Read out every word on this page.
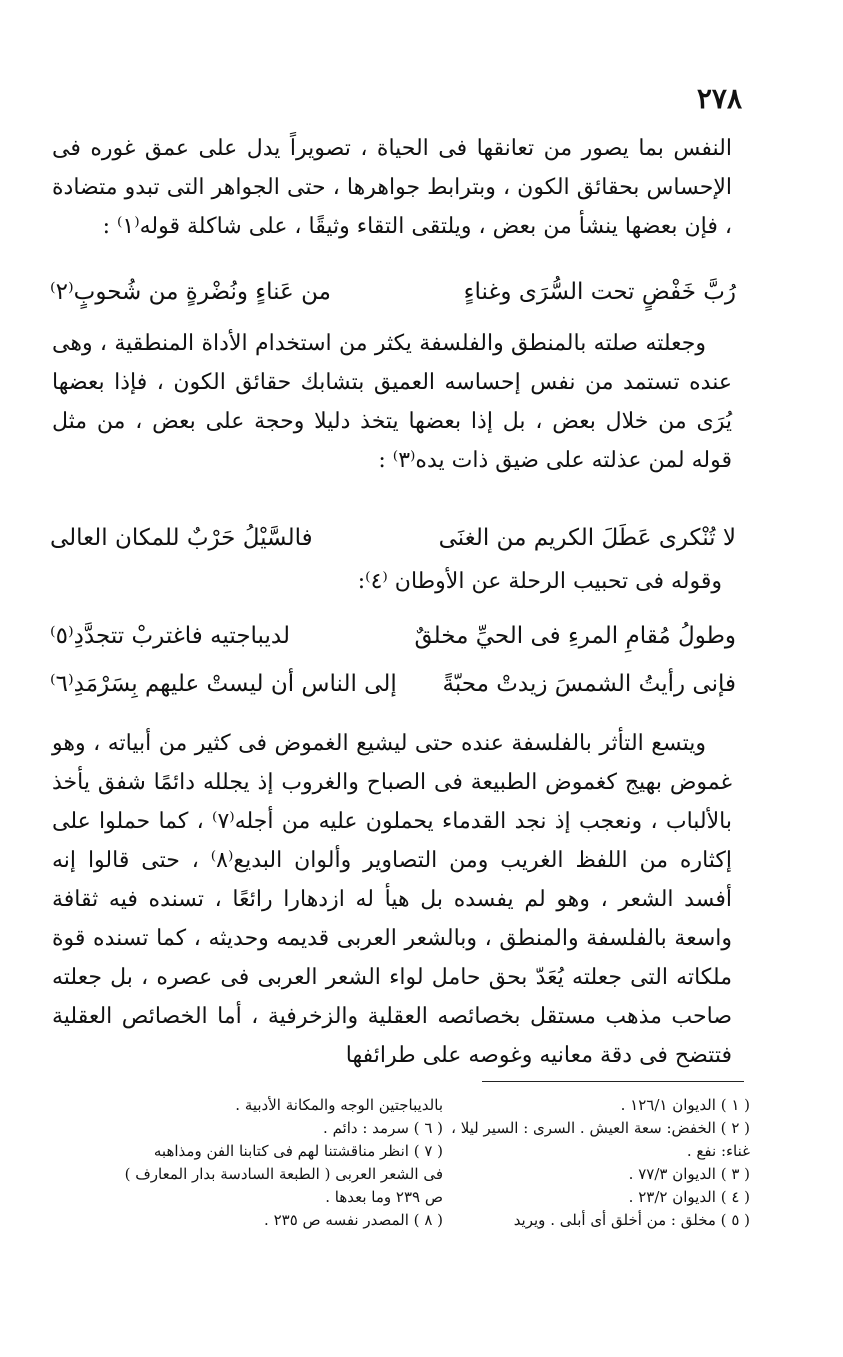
٢٧٨

النفس بما يصور من تعانقها فى الحياة ، تصويراً يدل على عمق غوره فى الإحساس بحقائق الكون ، وبترابط جواهرها ، حتى الجواهر التى تبدو متضادة ، فإن بعضها ينشأ من بعض ، ويلتقى التقاء وثيقًا ، على شاكلة قوله⁽١⁾ :

رُبَّ خَفْضٍ تحت السُّرَى وغناءٍ
من عَناءٍ ونُضْرةٍ من شُحوبٍ⁽٢⁾

وجعلته صلته بالمنطق والفلسفة يكثر من استخدام الأداة المنطقية ، وهى عنده تستمد من نفس إحساسه العميق بتشابك حقائق الكون ، فإذا بعضها يُرَى من خلال بعض ، بل إذا بعضها يتخذ دليلا وحجة على بعض ، من مثل قوله لمن عذلته على ضيق ذات يده⁽٣⁾ :

لا تُنْكرى عَطَلَ الكريم من الغنَى
فالسَّيْلُ حَرْبٌ للمكان العالى
وقوله فى تحبيب الرحلة عن الأوطان ⁽٤⁾:
وطولُ مُقامِ المرءِ فى الحيِّ مخلقٌ
لديباجتيه فاغتربْ تتجدَّدِ⁽٥⁾
فإنى رأيتُ الشمسَ زيدتْ محبّةً
إلى الناس أن ليستْ عليهم بِسَرْمَدِ⁽٦⁾

ويتسع التأثر بالفلسفة عنده حتى ليشيع الغموض فى كثير من أبياته ، وهو غموض بهيج كغموض الطبيعة فى الصباح والغروب إذ يجلله دائمًا شفق يأخذ بالألباب ، ونعجب إذ نجد القدماء يحملون عليه من أجله⁽٧⁾ ، كما حملوا على إكثاره من اللفظ الغريب ومن التصاوير وألوان البديع⁽٨⁾ ، حتى قالوا إنه أفسد الشعر ، وهو لم يفسده بل هيأ له ازدهارا رائعًا ، تسنده فيه ثقافة واسعة بالفلسفة والمنطق ، وبالشعر العربى قديمه وحديثه ، كما تسنده قوة ملكاته التى جعلته يُعَدّ بحق حامل لواء الشعر العربى فى عصره ، بل جعلته صاحب مذهب مستقل بخصائصه العقلية والزخرفية ، أما الخصائص العقلية فتتضح فى دقة معانيه وغوصه على طرائفها

( ١ ) الديوان ١٢٦/١ .
( ٢ ) الخفض: سعة العيش . السرى : السير ليلا ،
غناء: نفع .
( ٣ ) الديوان ٧٧/٣ .
( ٤ ) الديوان ٢٣/٢ .
( ٥ ) مخلق : من أخلق أى أبلى . ويريد
بالديباجتين الوجه والمكانة الأدبية .
( ٦ ) سرمد : دائم .
( ٧ ) انظر مناقشتنا لهم فى كتابنا الفن ومذاهبه
فى الشعر العربى ( الطبعة السادسة بدار المعارف )
ص ٢٣٩ وما بعدها .
( ٨ ) المصدر نفسه ص ٢٣٥ .
